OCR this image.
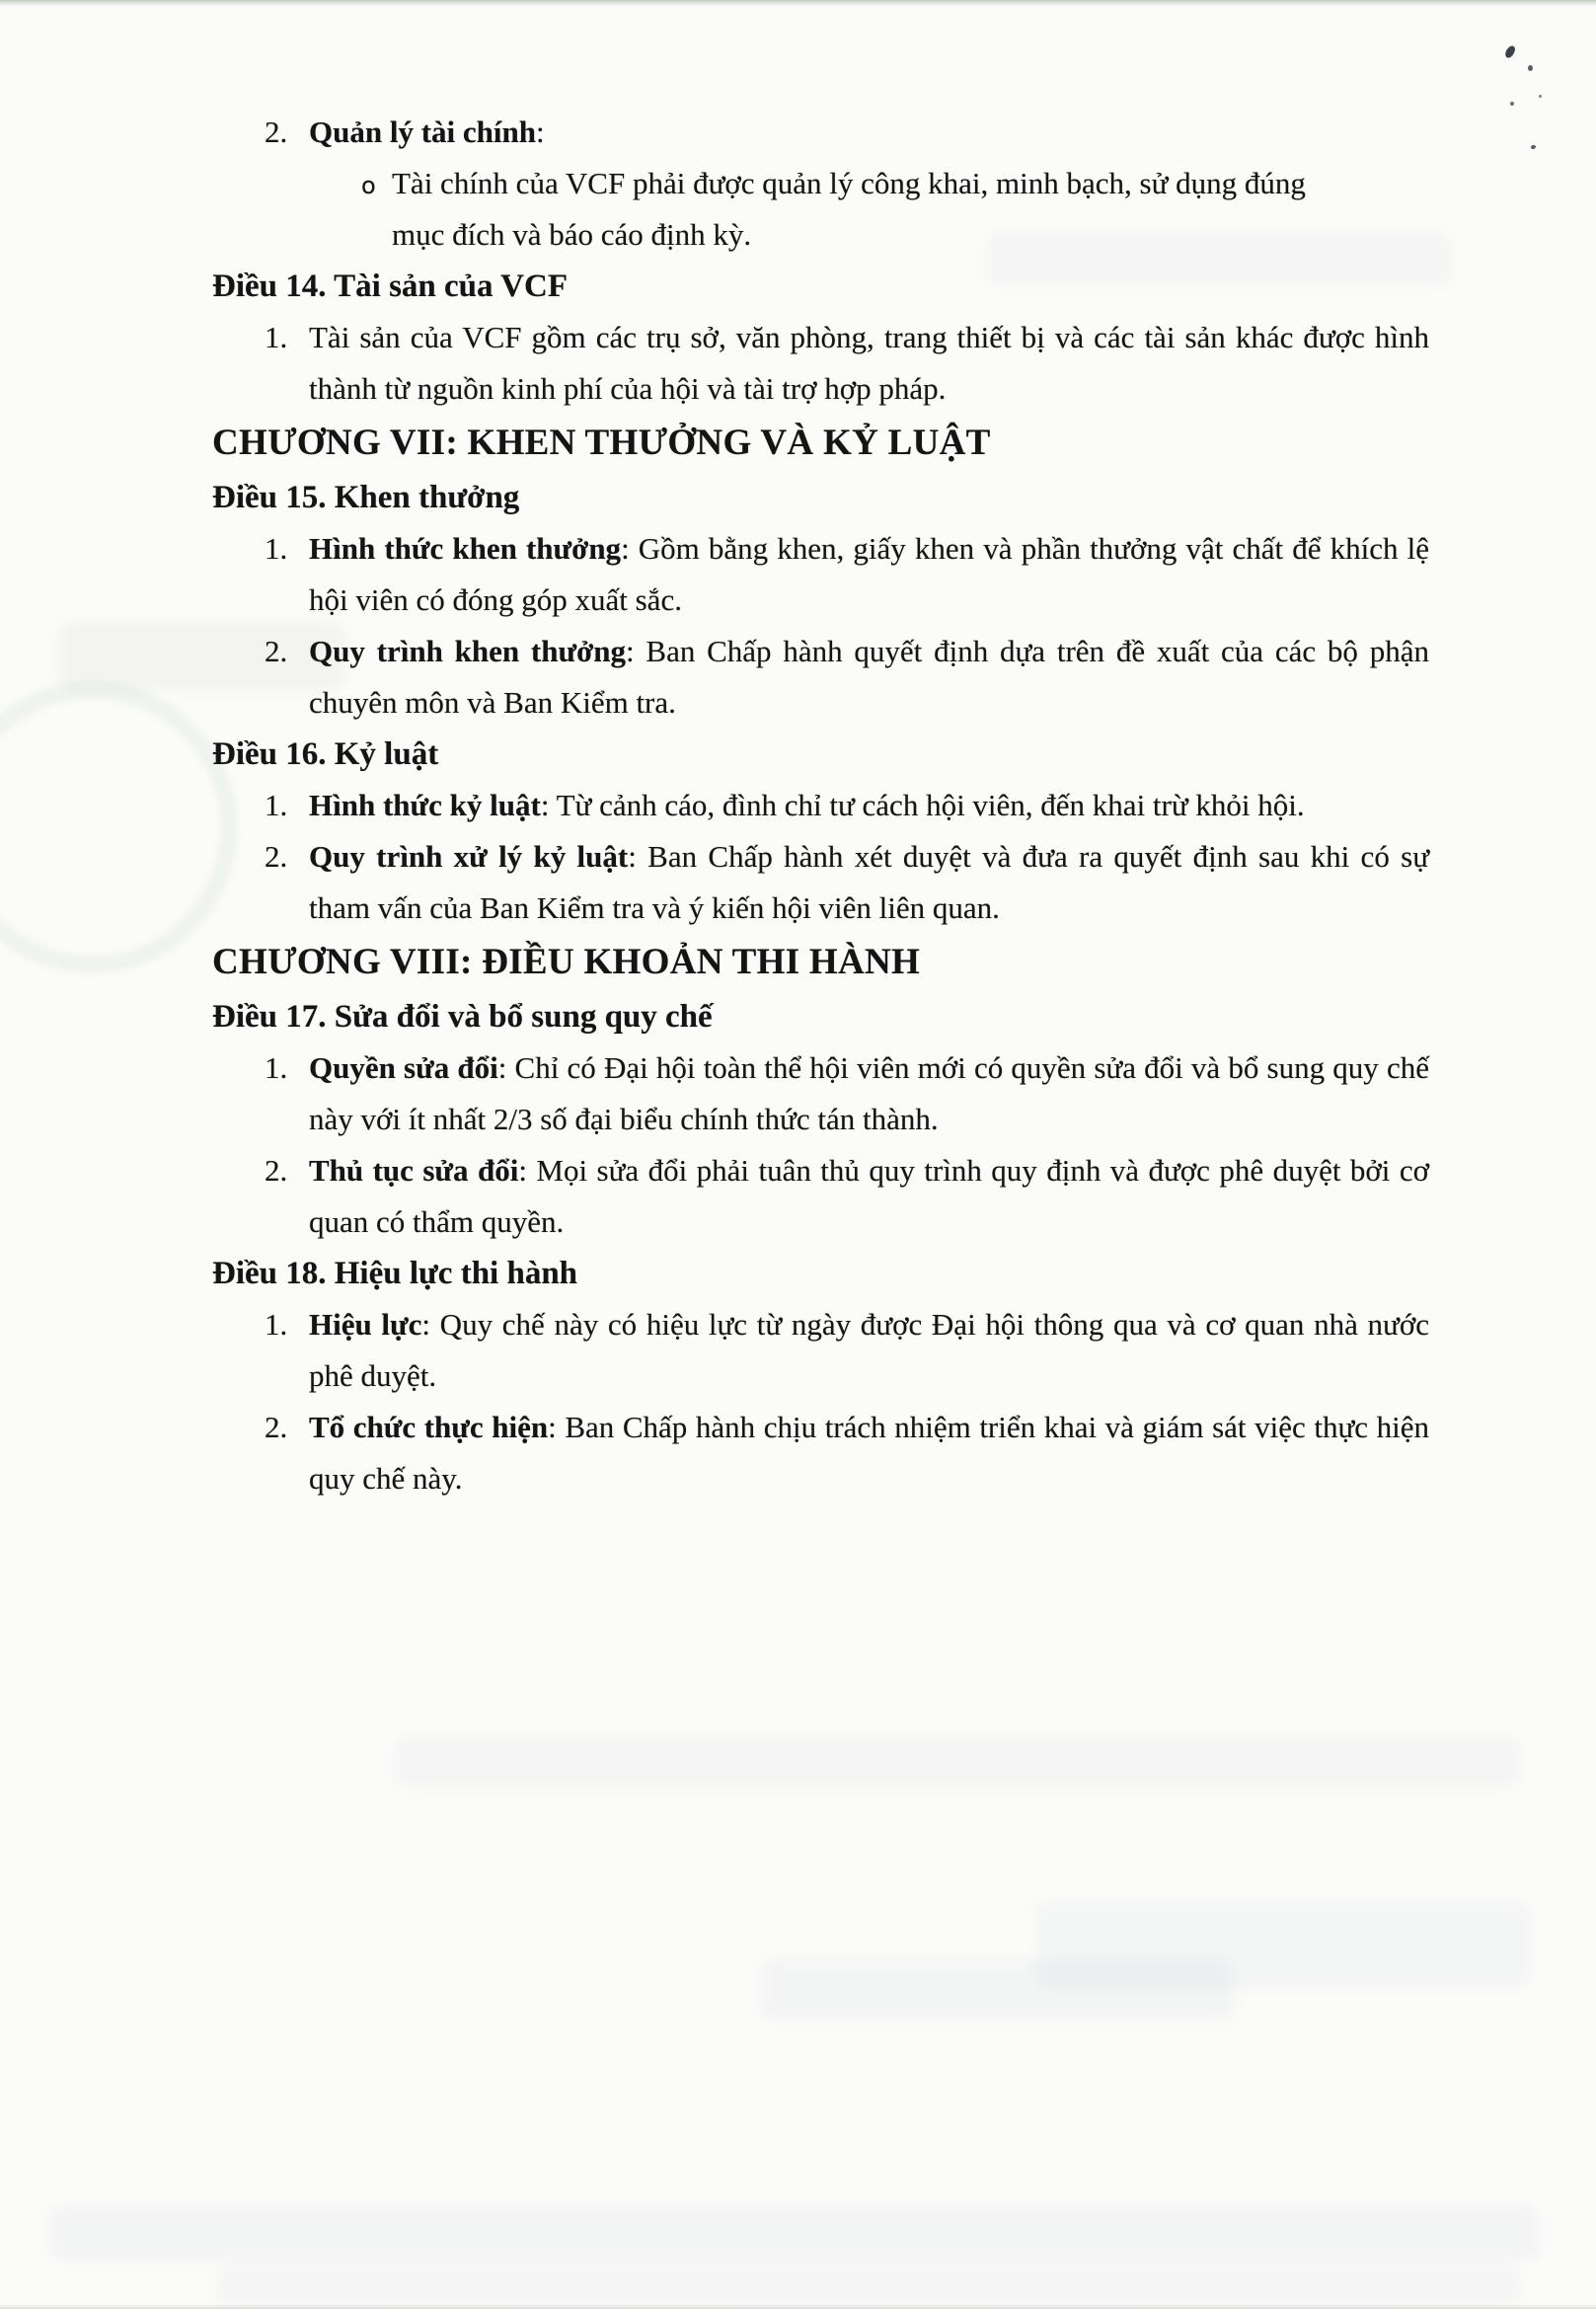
2. Quản lý tài chính:

o Tài chính của VCF phải được quản lý công khai, minh bạch, sử dụng đúng mục đích và báo cáo định kỳ.

Điều 14. Tài sản của VCF
1. Tài sản của VCF gồm các trụ sở, văn phòng, trang thiết bị và các tài sản khác được hình thành từ nguồn kinh phí của hội và tài trợ hợp pháp.

CHƯƠNG VII: KHEN THƯỞNG VÀ KỶ LUẬT
Điều 15. Khen thưởng
1. Hình thức khen thưởng: Gồm bằng khen, giấy khen và phần thưởng vật chất để khích lệ hội viên có đóng góp xuất sắc.

2. Quy trình khen thưởng: Ban Chấp hành quyết định dựa trên đề xuất của các bộ phận chuyên môn và Ban Kiểm tra.

Điều 16. Kỷ luật
1. Hình thức kỷ luật: Từ cảnh cáo, đình chỉ tư cách hội viên, đến khai trừ khỏi hội.

2. Quy trình xử lý kỷ luật: Ban Chấp hành xét duyệt và đưa ra quyết định sau khi có sự tham vấn của Ban Kiểm tra và ý kiến hội viên liên quan.

CHƯƠNG VIII: ĐIỀU KHOẢN THI HÀNH
Điều 17. Sửa đổi và bổ sung quy chế
1. Quyền sửa đổi: Chỉ có Đại hội toàn thể hội viên mới có quyền sửa đổi và bổ sung quy chế này với ít nhất 2/3 số đại biểu chính thức tán thành.

2. Thủ tục sửa đổi: Mọi sửa đổi phải tuân thủ quy trình quy định và được phê duyệt bởi cơ quan có thẩm quyền.

Điều 18. Hiệu lực thi hành
1. Hiệu lực: Quy chế này có hiệu lực từ ngày được Đại hội thông qua và cơ quan nhà nước phê duyệt.

2. Tổ chức thực hiện: Ban Chấp hành chịu trách nhiệm triển khai và giám sát việc thực hiện quy chế này.
